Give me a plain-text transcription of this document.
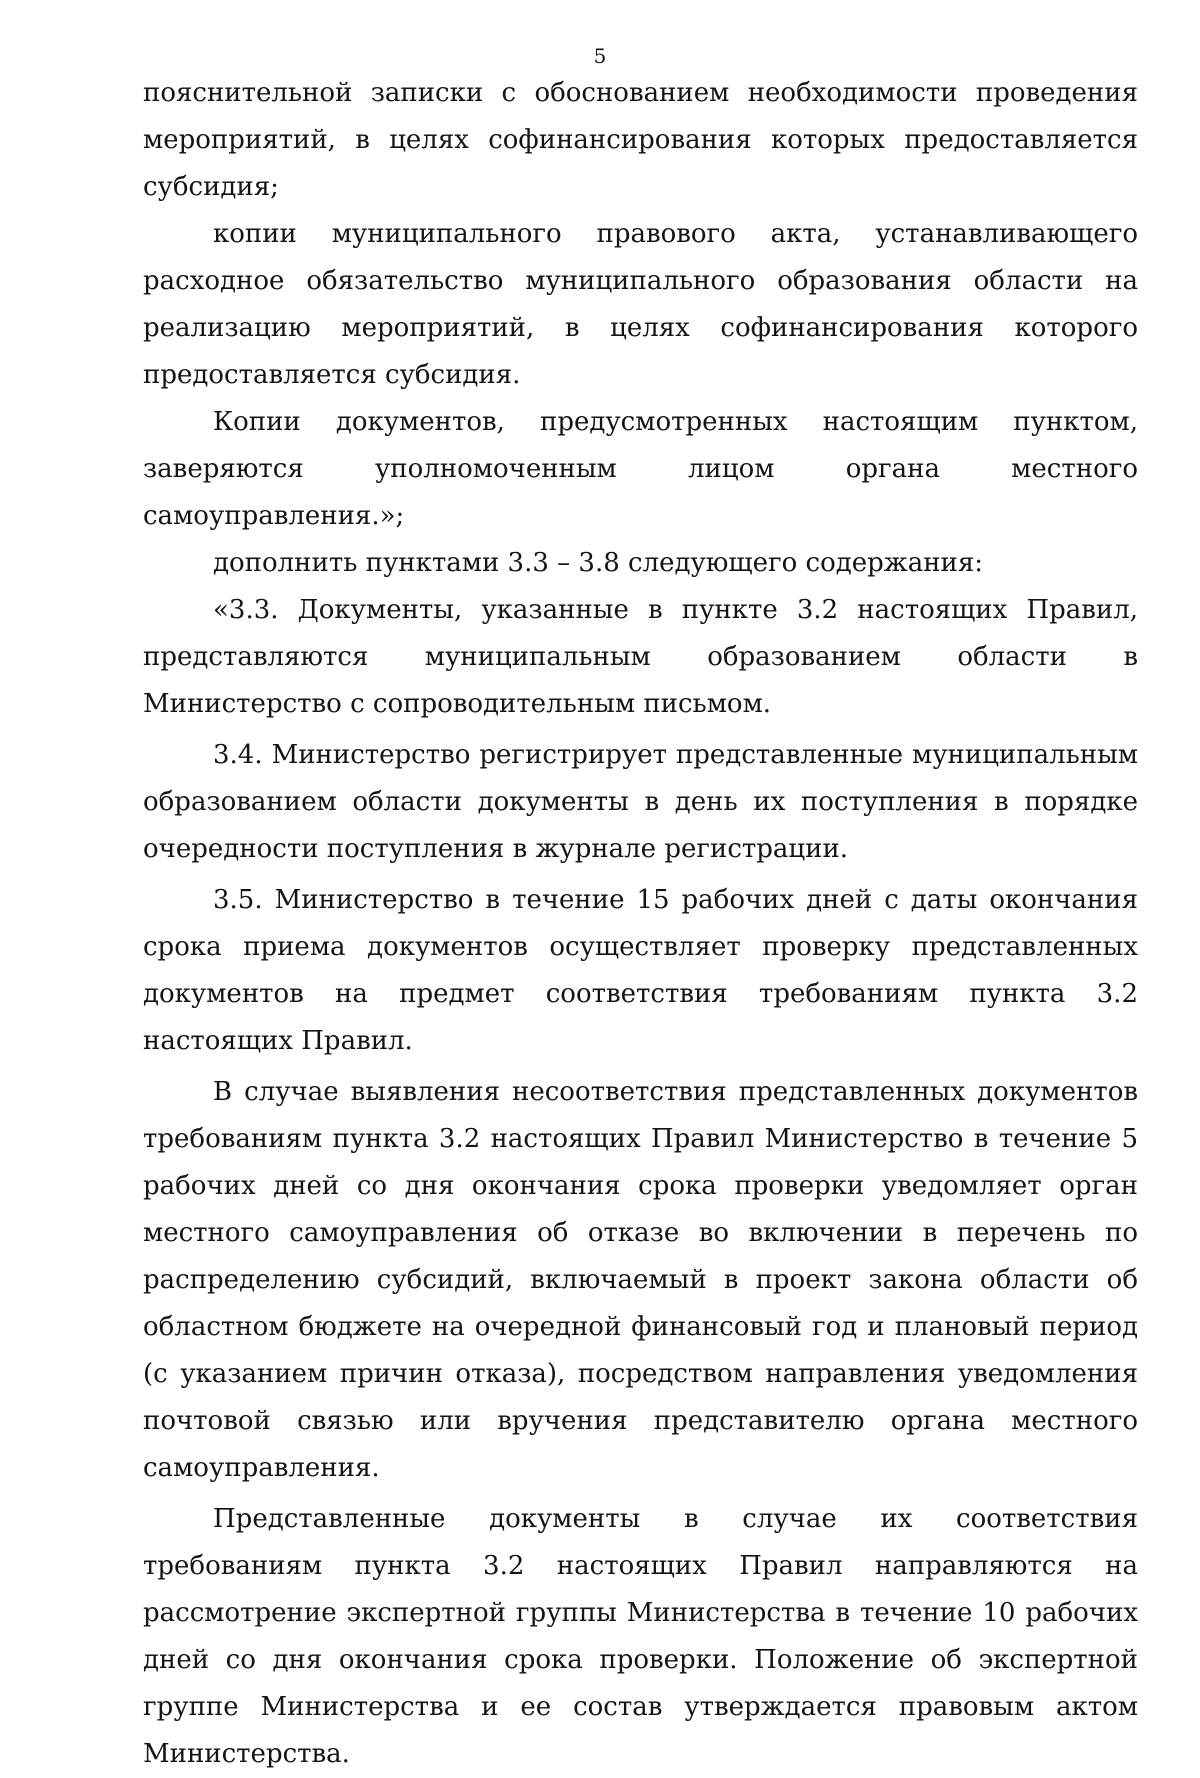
5

пояснительной записки с обоснованием необходимости проведения мероприятий, в целях софинансирования которых предоставляется субсидия;

копии муниципального правового акта, устанавливающего расходное обязательство муниципального образования области на реализацию мероприятий, в целях софинансирования которого предоставляется субсидия.

Копии документов, предусмотренных настоящим пунктом, заверяются уполномоченным лицом органа местного самоуправления.»;

дополнить пунктами 3.3 – 3.8 следующего содержания:

«3.3. Документы, указанные в пункте 3.2 настоящих Правил, представляются муниципальным образованием области в Министерство с сопроводительным письмом.

3.4. Министерство регистрирует представленные муниципальным образованием области документы в день их поступления в порядке очередности поступления в журнале регистрации.

3.5. Министерство в течение 15 рабочих дней с даты окончания срока приема документов осуществляет проверку представленных документов на предмет соответствия требованиям пункта 3.2 настоящих Правил.

В случае выявления несоответствия представленных документов требованиям пункта 3.2 настоящих Правил Министерство в течение 5 рабочих дней со дня окончания срока проверки уведомляет орган местного самоуправления об отказе во включении в перечень по распределению субсидий, включаемый в проект закона области об областном бюджете на очередной финансовый год и плановый период (с указанием причин отказа), посредством направления уведомления почтовой связью или вручения представителю органа местного самоуправления.

Представленные документы в случае их соответствия требованиям пункта 3.2 настоящих Правил направляются на рассмотрение экспертной группы Министерства в течение 10 рабочих дней со дня окончания срока проверки. Положение об экспертной группе Министерства и ее состав утверждается правовым актом Министерства.
